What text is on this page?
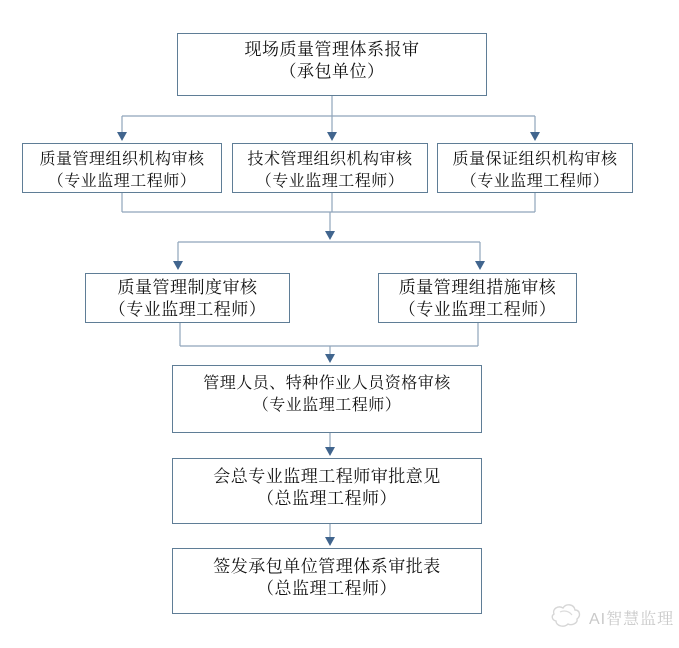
现场质量管理体系报审
（承包单位）
质量管理组织机构审核
（专业监理工程师）
技术管理组织机构审核
（专业监理工程师）
质量保证组织机构审核
（专业监理工程师）
质量管理制度审核
（专业监理工程师）
质量管理组措施审核
（专业监理工程师）
管理人员、特种作业人员资格审核
（专业监理工程师）
会总专业监理工程师审批意见
（总监理工程师）
签发承包单位管理体系审批表
（总监理工程师）
AI智慧监理
